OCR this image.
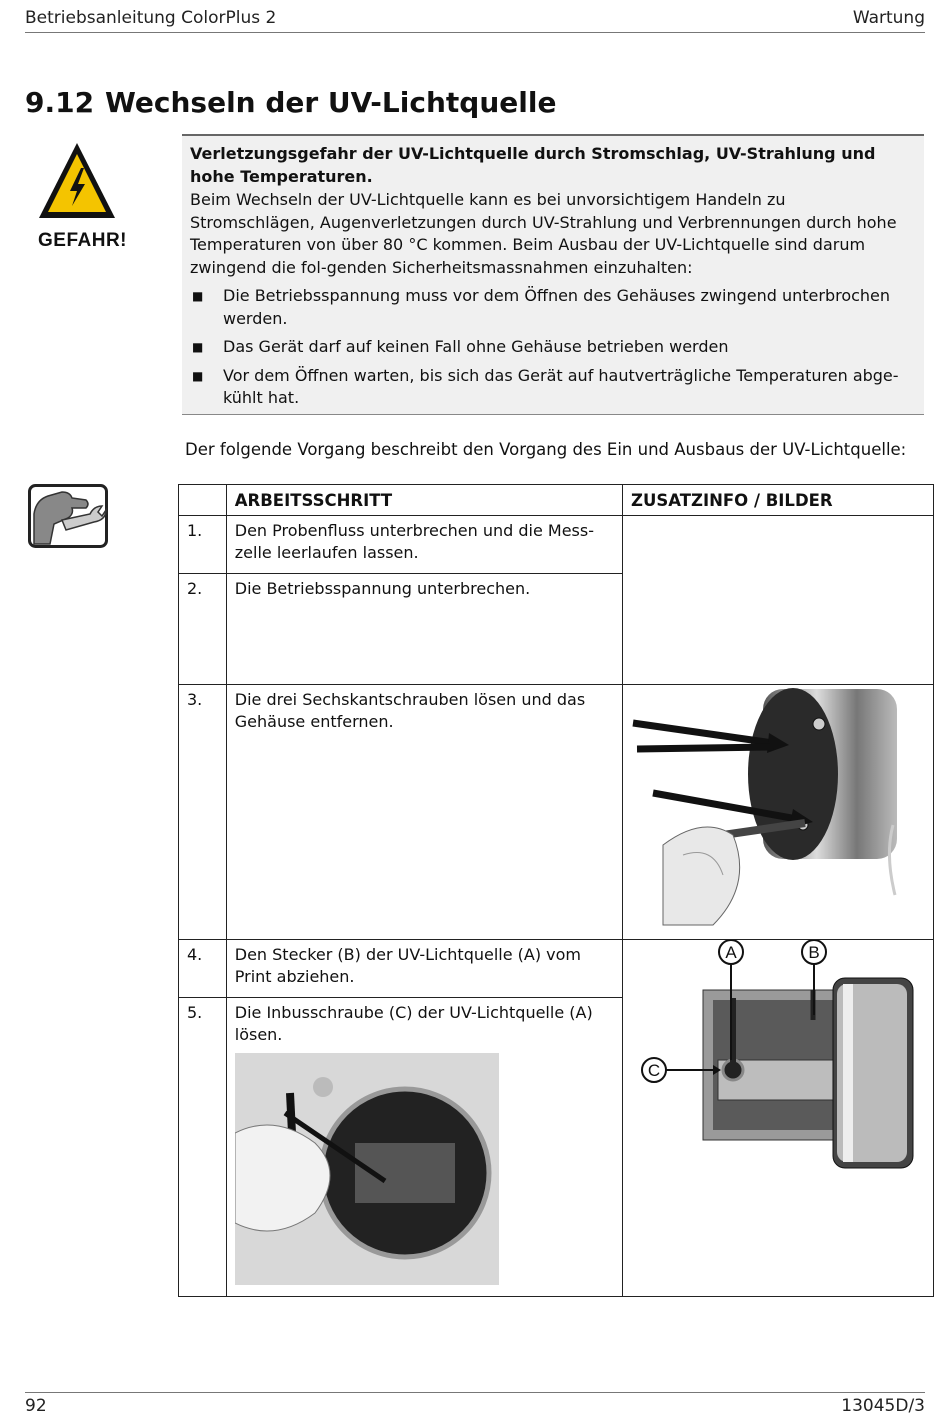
Betriebsanleitung ColorPlus 2	Wartung
9.12 Wechseln der UV-Lichtquelle
GEFAHR!

Verletzungsgefahr der UV-Lichtquelle durch Stromschlag, UV-Strahlung und hohe Temperaturen.

Beim Wechseln der UV-Lichtquelle kann es bei unvorsichtigem Handeln zu Stromschlägen, Augenverletzungen durch UV-Strahlung und Verbrennungen durch hohe Temperaturen von über 80 °C kommen. Beim Ausbau der UV-Lichtquelle sind darum zwingend die fol-genden Sicherheitsmassnahmen einzuhalten:

■ Die Betriebsspannung muss vor dem Öffnen des Gehäuses zwingend unterbrochen werden.
■ Das Gerät darf auf keinen Fall ohne Gehäuse betrieben werden
■ Vor dem Öffnen warten, bis sich das Gerät auf hautverträgliche Temperaturen abge-kühlt hat.

Der folgende Vorgang beschreibt den Vorgang des Ein und Ausbaus der UV-Lichtquelle:

	ARBEITSSCHRITT	ZUSATZINFO / BILDER
1.	Den Probenfluss unterbrechen und die Mess-zelle leerlaufen lassen.	
2.	Die Betriebsspannung unterbrechen.	
3.	Die drei Sechskantschrauben lösen und das Gehäuse entfernen.	

4.	Den Stecker (B) der UV-Lichtquelle (A) vom Print abziehen.	A B
C

5.	Die Inbusschraube (C) der UV-Lichtquelle (A) lösen.	
92	13045D/3
